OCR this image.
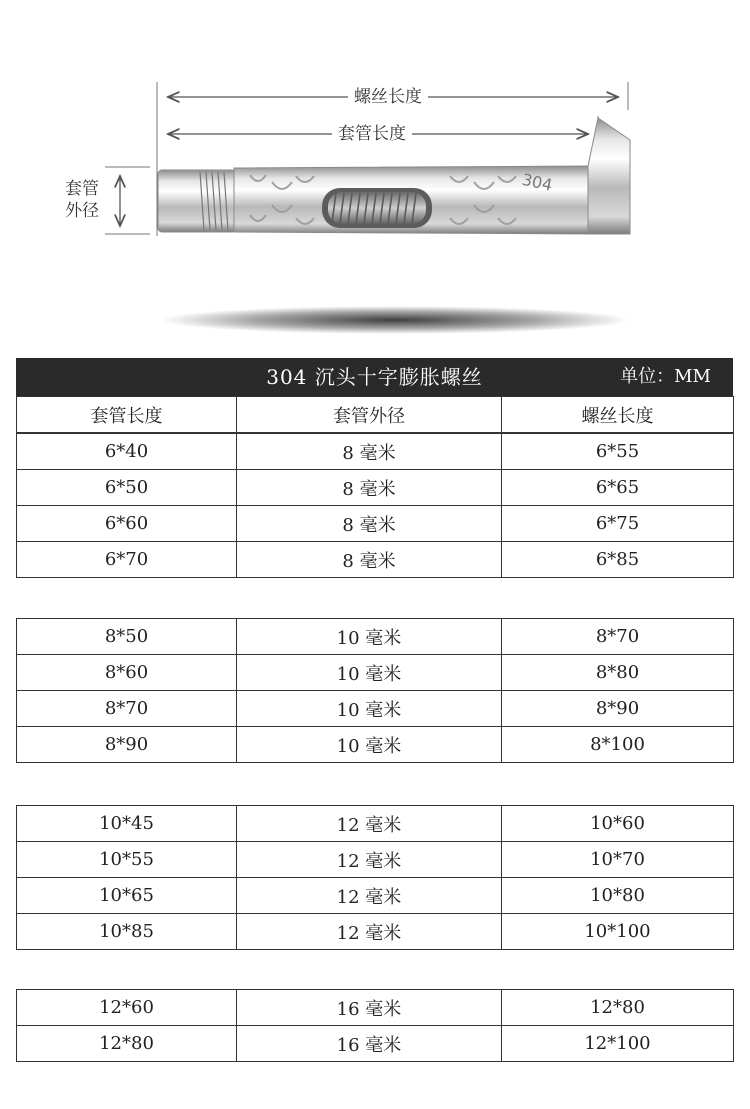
304
螺丝长度
套管长度
套管
外径
304 沉头十字膨胀螺丝	单位：MM
套管长度	套管外径	螺丝长度
6*40	8 毫米	6*55
6*50	8 毫米	6*65
6*60	8 毫米	6*75
6*70	8 毫米	6*85
8*50	10 毫米	8*70
8*60	10 毫米	8*80
8*70	10 毫米	8*90
8*90	10 毫米	8*100
10*45	12 毫米	10*60
10*55	12 毫米	10*70
10*65	12 毫米	10*80
10*85	12 毫米	10*100
12*60	16 毫米	12*80
12*80	16 毫米	12*100
